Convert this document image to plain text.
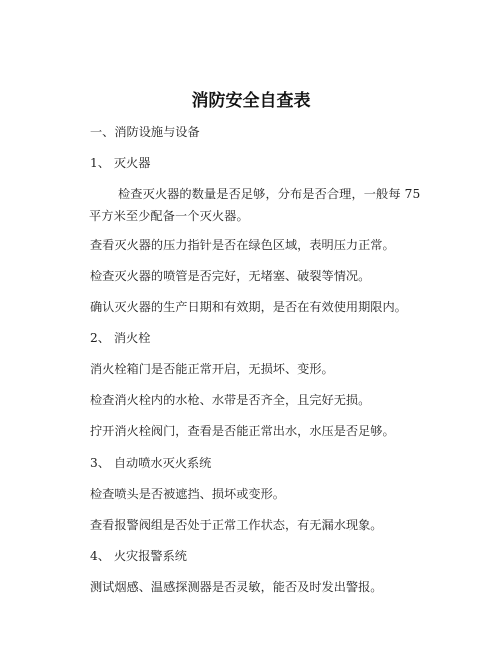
消防安全自查表
一、消防设施与设备
1、 灭火器
检查灭火器的数量是否足够，分布是否合理，一般每 75 平方米至少配备一个灭火器。
查看灭火器的压力指针是否在绿色区域，表明压力正常。
检查灭火器的喷管是否完好，无堵塞、破裂等情况。
确认灭火器的生产日期和有效期，是否在有效使用期限内。
2、 消火栓
消火栓箱门是否能正常开启，无损坏、变形。
检查消火栓内的水枪、水带是否齐全，且完好无损。
拧开消火栓阀门，查看是否能正常出水，水压是否足够。
3、 自动喷水灭火系统
检查喷头是否被遮挡、损坏或变形。
查看报警阀组是否处于正常工作状态，有无漏水现象。
4、 火灾报警系统
测试烟感、温感探测器是否灵敏，能否及时发出警报。
